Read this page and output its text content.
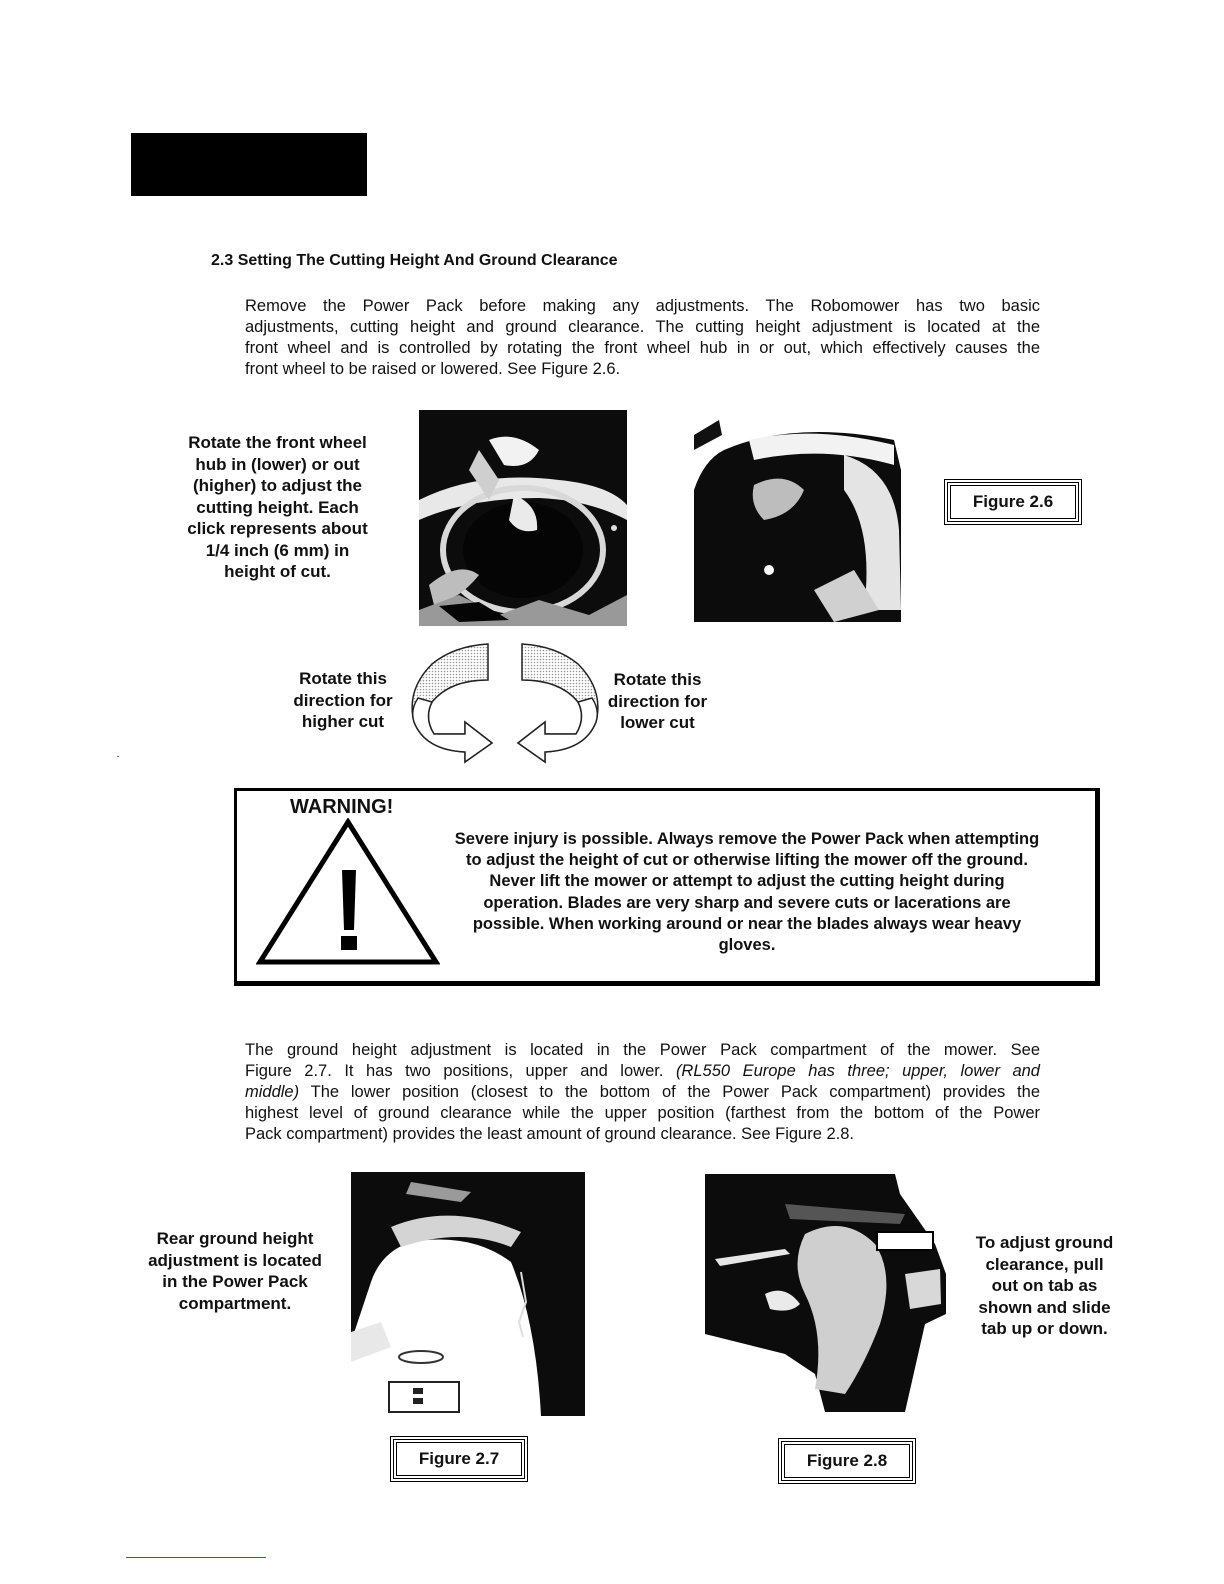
2.3 Setting The Cutting Height And Ground Clearance
Remove the Power Pack before making any adjustments. The Robomower has two basic
adjustments, cutting height and ground clearance. The cutting height adjustment is located at the
front wheel and is controlled by rotating the front wheel hub in or out, which effectively causes the
front wheel to be raised or lowered. See Figure 2.6.
Rotate the front wheel
hub in (lower) or out
(higher) to adjust the
cutting height. Each
click represents about
1/4 inch (6 mm) in
height of cut.
Figure 2.6
Rotate this
direction for
higher cut
Rotate this
direction for
lower cut
WARNING!
Severe injury is possible. Always remove the Power Pack when attempting
to adjust the height of cut or otherwise lifting the mower off the ground.
Never lift the mower or attempt to adjust the cutting height during
operation. Blades are very sharp and severe cuts or lacerations are
possible. When working around or near the blades always wear heavy
gloves.
The ground height adjustment is located in the Power Pack compartment of the mower. See
Figure 2.7. It has two positions, upper and lower. (RL550 Europe has three; upper, lower and
middle) The lower position (closest to the bottom of the Power Pack compartment) provides the
highest level of ground clearance while the upper position (farthest from the bottom of the Power
Pack compartment) provides the least amount of ground clearance. See Figure 2.8.
Rear ground height
adjustment is located
in the Power Pack
compartment.
To adjust ground
clearance, pull
out on tab as
shown and slide
tab up or down.
Figure 2.7	Figure 2.8
